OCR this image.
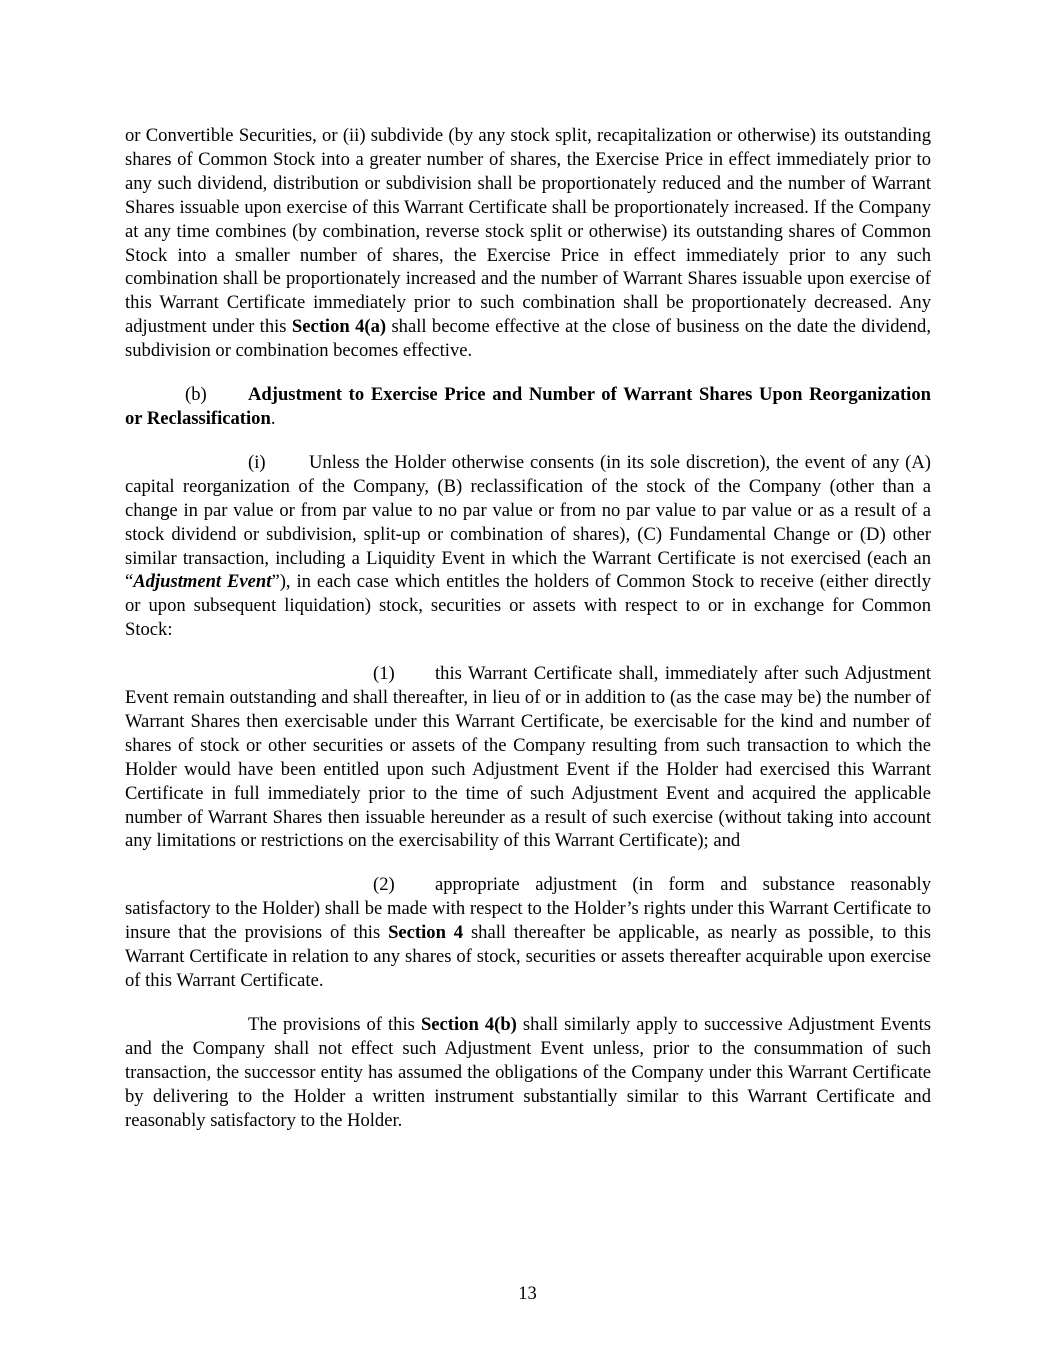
or Convertible Securities, or (ii) subdivide (by any stock split, recapitalization or otherwise) its outstanding shares of Common Stock into a greater number of shares, the Exercise Price in effect immediately prior to any such dividend, distribution or subdivision shall be proportionately reduced and the number of Warrant Shares issuable upon exercise of this Warrant Certificate shall be proportionately increased. If the Company at any time combines (by combination, reverse stock split or otherwise) its outstanding shares of Common Stock into a smaller number of shares, the Exercise Price in effect immediately prior to any such combination shall be proportionately increased and the number of Warrant Shares issuable upon exercise of this Warrant Certificate immediately prior to such combination shall be proportionately decreased. Any adjustment under this Section 4(a) shall become effective at the close of business on the date the dividend, subdivision or combination becomes effective.

(b) Adjustment to Exercise Price and Number of Warrant Shares Upon Reorganization or Reclassification.

(i) Unless the Holder otherwise consents (in its sole discretion), the event of any (A) capital reorganization of the Company, (B) reclassification of the stock of the Company (other than a change in par value or from par value to no par value or from no par value to par value or as a result of a stock dividend or subdivision, split-up or combination of shares), (C) Fundamental Change or (D) other similar transaction, including a Liquidity Event in which the Warrant Certificate is not exercised (each an “Adjustment Event”), in each case which entitles the holders of Common Stock to receive (either directly or upon subsequent liquidation) stock, securities or assets with respect to or in exchange for Common Stock:

(1) this Warrant Certificate shall, immediately after such Adjustment Event remain outstanding and shall thereafter, in lieu of or in addition to (as the case may be) the number of Warrant Shares then exercisable under this Warrant Certificate, be exercisable for the kind and number of shares of stock or other securities or assets of the Company resulting from such transaction to which the Holder would have been entitled upon such Adjustment Event if the Holder had exercised this Warrant Certificate in full immediately prior to the time of such Adjustment Event and acquired the applicable number of Warrant Shares then issuable hereunder as a result of such exercise (without taking into account any limitations or restrictions on the exercisability of this Warrant Certificate); and

(2) appropriate adjustment (in form and substance reasonably satisfactory to the Holder) shall be made with respect to the Holder’s rights under this Warrant Certificate to insure that the provisions of this Section 4 shall thereafter be applicable, as nearly as possible, to this Warrant Certificate in relation to any shares of stock, securities or assets thereafter acquirable upon exercise of this Warrant Certificate.

The provisions of this Section 4(b) shall similarly apply to successive Adjustment Events and the Company shall not effect such Adjustment Event unless, prior to the consummation of such transaction, the successor entity has assumed the obligations of the Company under this Warrant Certificate by delivering to the Holder a written instrument substantially similar to this Warrant Certificate and reasonably satisfactory to the Holder.

13
